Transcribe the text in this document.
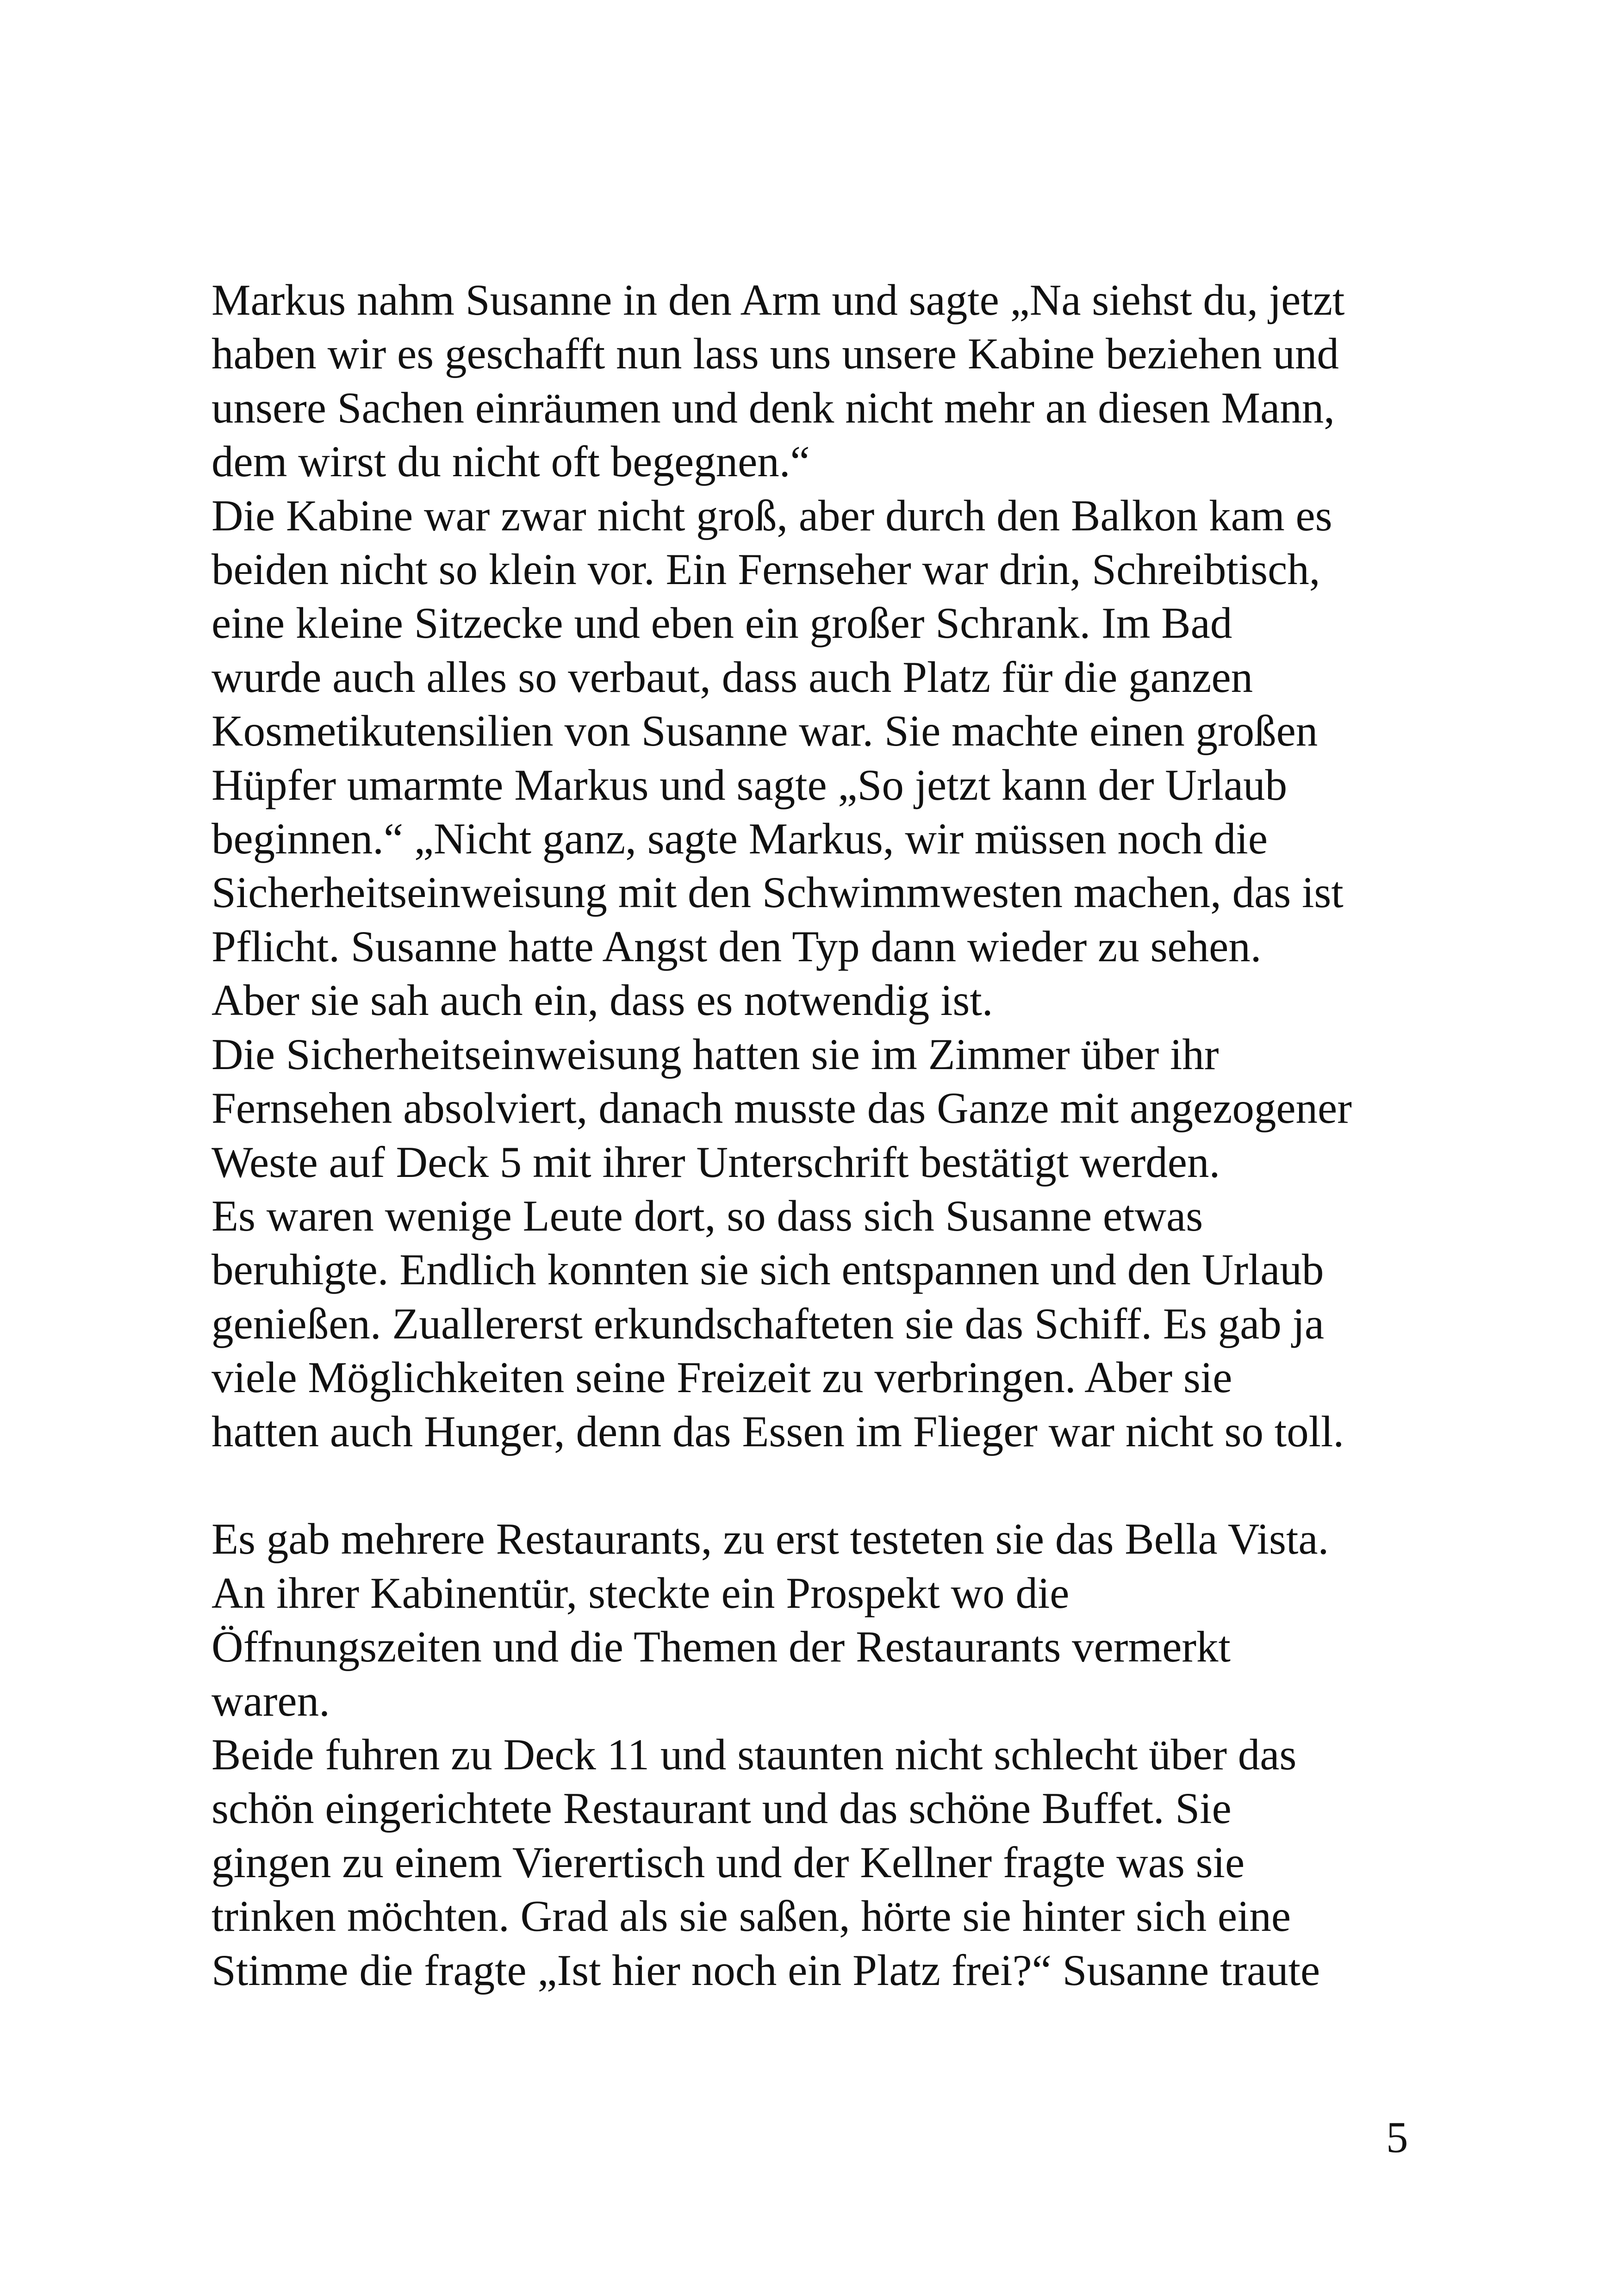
Markus nahm Susanne in den Arm und sagte „Na siehst du, jetzt
haben wir es geschafft nun lass uns unsere Kabine beziehen und
unsere Sachen einräumen und denk nicht mehr an diesen Mann,
dem wirst du nicht oft begegnen.“
Die Kabine war zwar nicht groß, aber durch den Balkon kam es
beiden nicht so klein vor. Ein Fernseher war drin, Schreibtisch,
eine kleine Sitzecke und eben ein großer Schrank. Im Bad
wurde auch alles so verbaut, dass auch Platz für die ganzen
Kosmetikutensilien von Susanne war. Sie machte einen großen
Hüpfer umarmte Markus und sagte „So jetzt kann der Urlaub
beginnen.“ „Nicht ganz, sagte Markus, wir müssen noch die
Sicherheitseinweisung mit den Schwimmwesten machen, das ist
Pflicht. Susanne hatte Angst den Typ dann wieder zu sehen.
Aber sie sah auch ein, dass es notwendig ist.
Die Sicherheitseinweisung hatten sie im Zimmer über ihr
Fernsehen absolviert, danach musste das Ganze mit angezogener
Weste auf Deck 5 mit ihrer Unterschrift bestätigt werden.
Es waren wenige Leute dort, so dass sich Susanne etwas
beruhigte. Endlich konnten sie sich entspannen und den Urlaub
genießen. Zuallererst erkundschafteten sie das Schiff. Es gab ja
viele Möglichkeiten seine Freizeit zu verbringen. Aber sie
hatten auch Hunger, denn das Essen im Flieger war nicht so toll.
Es gab mehrere Restaurants, zu erst testeten sie das Bella Vista.
An ihrer Kabinentür, steckte ein Prospekt wo die
Öffnungszeiten und die Themen der Restaurants vermerkt
waren.
Beide fuhren zu Deck 11 und staunten nicht schlecht über das
schön eingerichtete Restaurant und das schöne Buffet. Sie
gingen zu einem Vierertisch und der Kellner fragte was sie
trinken möchten. Grad als sie saßen, hörte sie hinter sich eine
Stimme die fragte „Ist hier noch ein Platz frei?“ Susanne traute
5
